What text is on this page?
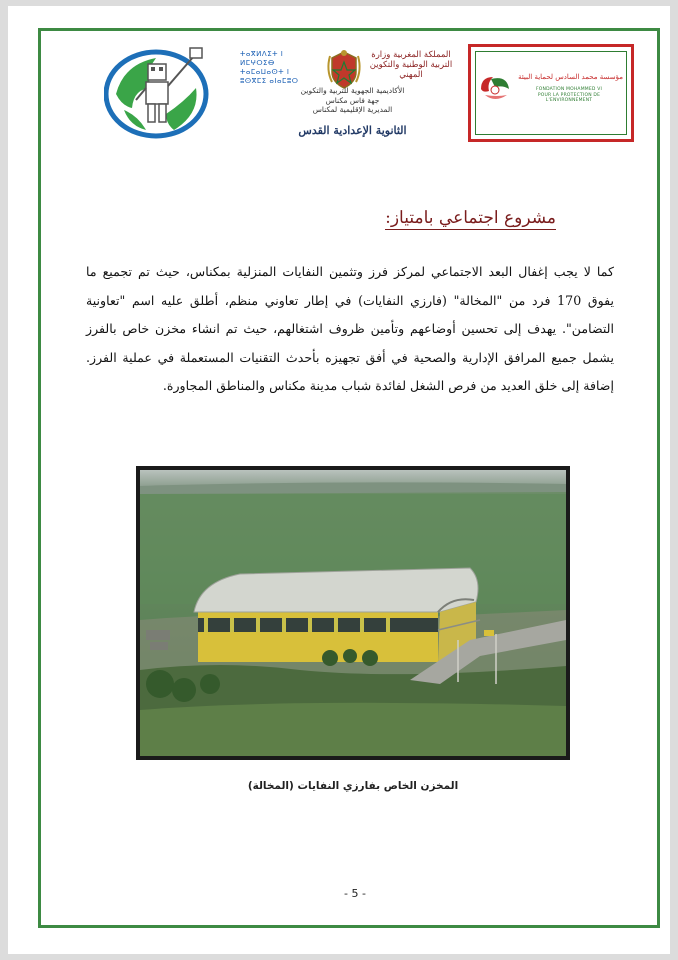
ⵜⴰⴳⵍⴷⵉⵜ ⵏ ⵍⵎⵖⵔⵉⴱ ⵜⴰⵎⴰⵡⴰⵙⵜ ⵏ ⵓⵙⴳⵎⵉ ⴰⵏⴰⵎⵓⵔ
المملكة المغربية وزارة التربية الوطنية والتكوين المهني
الأكاديمية الجهوية للتربية والتكوين
جهة فاس مكناس
المديرية الإقليمية لمكناس
الثانوية الإعدادية القدس
مؤسسة محمد السادس لحماية البيئة
FONDATION MOHAMMED VI
POUR LA PROTECTION DE L'ENVIRONNEMENT
مشروع اجتماعي بامتياز:
كما لا يجب إغفال البعد الاجتماعي لمركز فرز وتثمين النفايات المنزلية بمكناس، حيث تم تجميع ما يفوق 170 فرد من "المخالة" (فارزي النفايات) في إطار تعاوني منظم، أطلق عليه اسم "تعاونية التضامن". يهدف إلى تحسين أوضاعهم وتأمين ظروف اشتغالهم، حيث تم انشاء مخزن خاص بالفرز يشمل جميع المرافق الإدارية والصحية في أفق تجهيزه بأحدث التقنيات المستعملة في عملية الفرز. إضافة إلى خلق العديد من فرص الشغل لفائدة شباب مدينة مكناس والمناطق المجاورة.
المخزن الخاص بفارزي النفايات (المخالة)
- 5 -
